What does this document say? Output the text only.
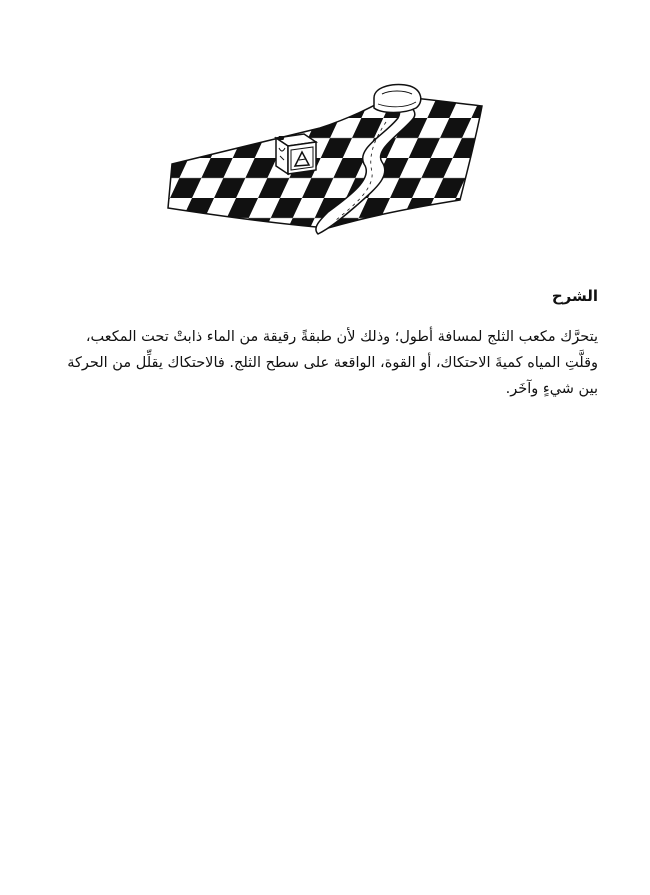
الشرح

يتحرَّك مكعب الثلج لمسافة أطول؛ وذلك لأن طبقةً رقيقة من الماء ذابتْ تحت المكعب، وقلَّتِ المياه كميةَ الاحتكاك، أو القوة، الواقعة على سطح الثلج. فالاحتكاك يقلِّل من الحركة بين شيءٍ وآخَر.
